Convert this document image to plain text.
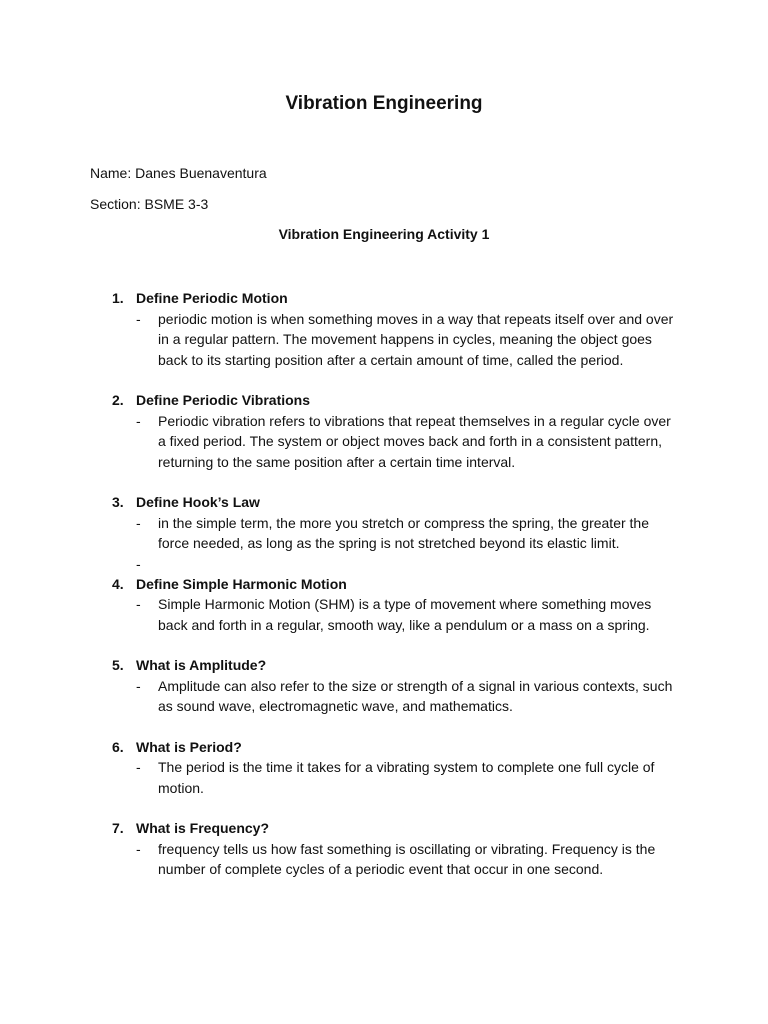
Vibration Engineering
Name: Danes Buenaventura
Section: BSME 3-3
Vibration Engineering Activity 1
1. Define Periodic Motion
- periodic motion is when something moves in a way that repeats itself over and over in a regular pattern. The movement happens in cycles, meaning the object goes back to its starting position after a certain amount of time, called the period.
2. Define Periodic Vibrations
- Periodic vibration refers to vibrations that repeat themselves in a regular cycle over a fixed period. The system or object moves back and forth in a consistent pattern, returning to the same position after a certain time interval.
3. Define Hook’s Law
- in the simple term, the more you stretch or compress the spring, the greater the force needed, as long as the spring is not stretched beyond its elastic limit.
-
4. Define Simple Harmonic Motion
- Simple Harmonic Motion (SHM) is a type of movement where something moves back and forth in a regular, smooth way, like a pendulum or a mass on a spring.
5. What is Amplitude?
- Amplitude can also refer to the size or strength of a signal in various contexts, such as sound wave, electromagnetic wave, and mathematics.
6. What is Period?
- The period is the time it takes for a vibrating system to complete one full cycle of motion.
7. What is Frequency?
- frequency tells us how fast something is oscillating or vibrating. Frequency is the number of complete cycles of a periodic event that occur in one second.
